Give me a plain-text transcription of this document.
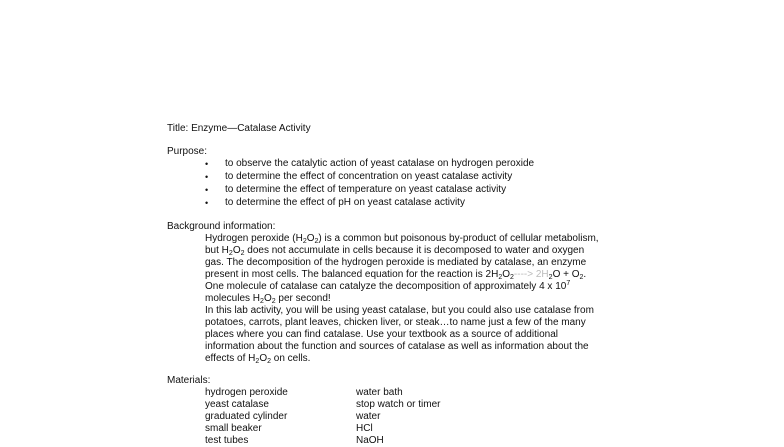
Title: Enzyme—Catalase Activity
Purpose:
• to observe the catalytic action of yeast catalase on hydrogen peroxide
• to determine the effect of concentration on yeast catalase activity
• to determine the effect of temperature on yeast catalase activity
• to determine the effect of pH on yeast catalase activity
Background information:
Hydrogen peroxide $(H_2O_2)$ is a common but poisonous by-product of cellular metabolism,
but $H_2O_2$ does not accumulate in cells because it is decomposed to water and oxygen
gas. The decomposition of the hydrogen peroxide is mediated by catalase, an enzyme
present in most cells. The balanced equation for the reaction is $2H_2O_2----> 2H_2O + O_2$.
One molecule of catalase can catalyze the decomposition of approximately 4 x $10^7$
molecules $H_2O_2$ per second!
In this lab activity, you will be using yeast catalase, but you could also use catalase from
potatoes, carrots, plant leaves, chicken liver, or steak…to name just a few of the many
places where you can find catalase. Use your textbook as a source of additional
information about the function and sources of catalase as well as information about the
effects of $H_2O_2$ on cells.
Materials:
hydrogen peroxide
yeast catalase
graduated cylinder
small beaker
test tubes
water bath
stop watch or timer
water
HCl
NaOH
